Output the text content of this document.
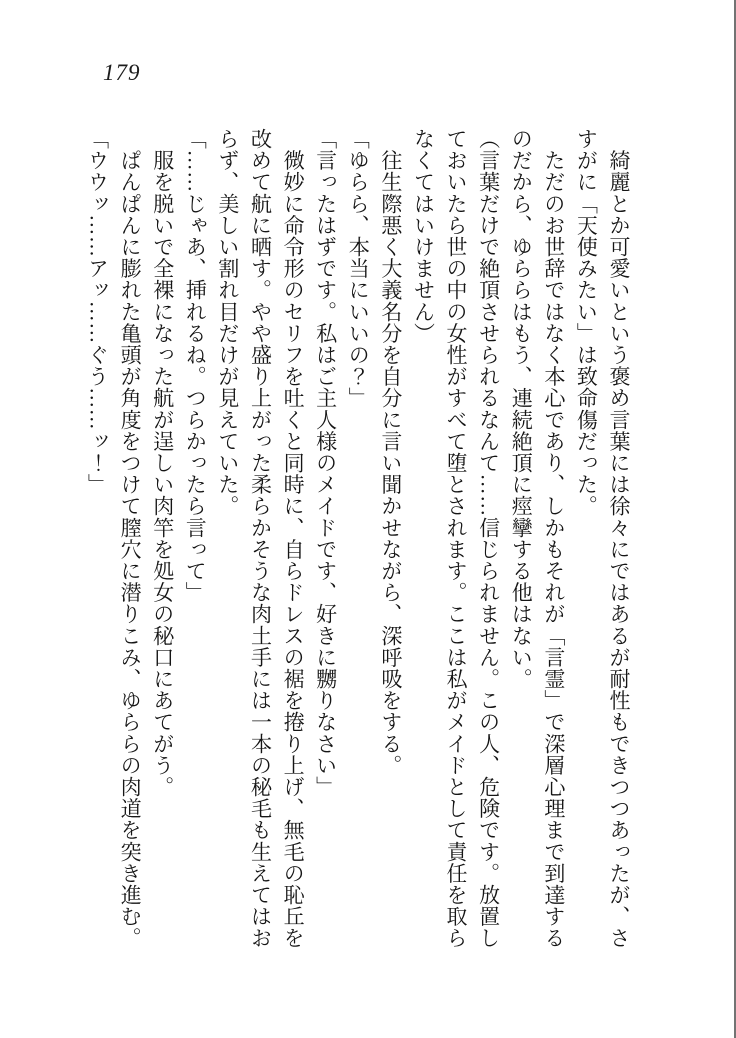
179
　綺麗とか可愛いという褒め言葉には徐々にではあるが耐性もできつつあったが、さ
すがに「天使みたい」は致命傷だった。
　ただのお世辞ではなく本心であり、しかもそれが「言霊」で深層心理まで到達する
のだから、ゆららはもう、連続絶頂に痙攣する他はない。
（言葉だけで絶頂させられるなんて……信じられません。この人、危険です。放置し
ておいたら世の中の女性がすべて堕とされます。ここは私がメイドとして責任を取ら
なくてはいけません）
　往生際悪く大義名分を自分に言い聞かせながら、深呼吸をする。
「ゆらら、本当にいいの？」
「言ったはずです。私はご主人様のメイドです、好きに嬲りなさい」
　微妙に命令形のセリフを吐くと同時に、自らドレスの裾を捲り上げ、無毛の恥丘を
改めて航に晒す。やや盛り上がった柔らかそうな肉土手には一本の秘毛も生えてはお
らず、美しい割れ目だけが見えていた。
「……じゃあ、挿れるね。つらかったら言って」
　服を脱いで全裸になった航が逞しい肉竿を処女の秘口にあてがう。
　ぱんぱんに膨れた亀頭が角度をつけて膣穴に潜りこみ、ゆららの肉道を突き進む。
「ウウッ……アッ……ぐう……ッ！」
